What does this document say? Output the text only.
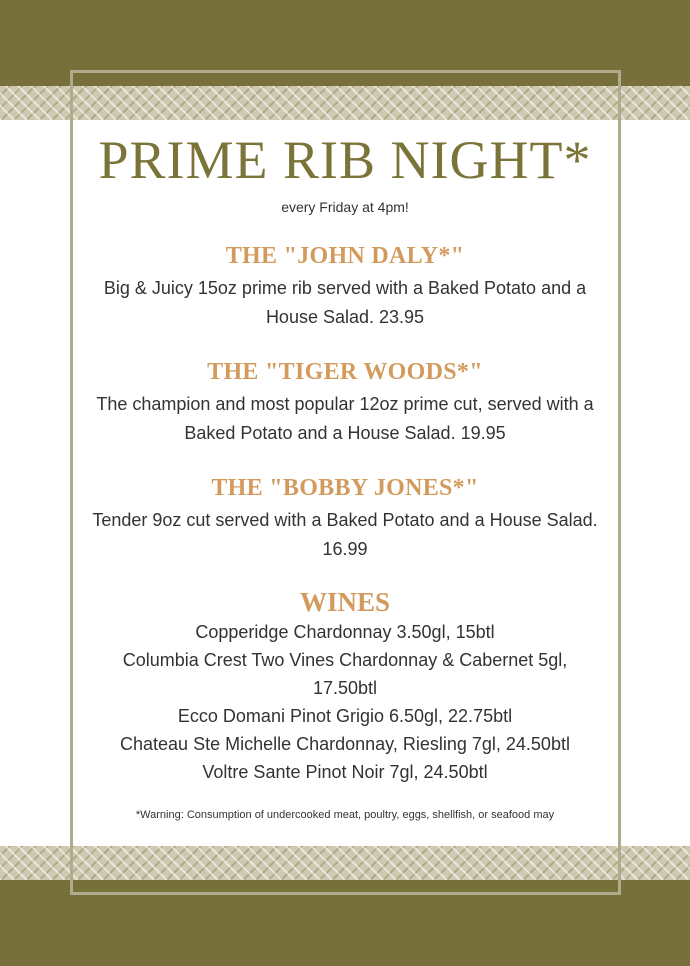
PRIME RIB NIGHT*
every Friday at 4pm!
THE "JOHN DALY*"
Big & Juicy 15oz prime rib served with a Baked Potato and a House Salad. 23.95
THE "TIGER WOODS*"
The champion and most popular 12oz prime cut, served with a Baked Potato and a House Salad. 19.95
THE "BOBBY JONES*"
Tender 9oz cut served with a Baked Potato and a House Salad. 16.99
WINES
Copperidge Chardonnay 3.50gl, 15btl
Columbia Crest Two Vines Chardonnay & Cabernet 5gl, 17.50btl
Ecco Domani Pinot Grigio 6.50gl, 22.75btl
Chateau Ste Michelle Chardonnay, Riesling 7gl, 24.50btl
Voltre Sante Pinot Noir 7gl, 24.50btl
*Warning: Consumption of undercooked meat, poultry, eggs, shellfish, or seafood may
